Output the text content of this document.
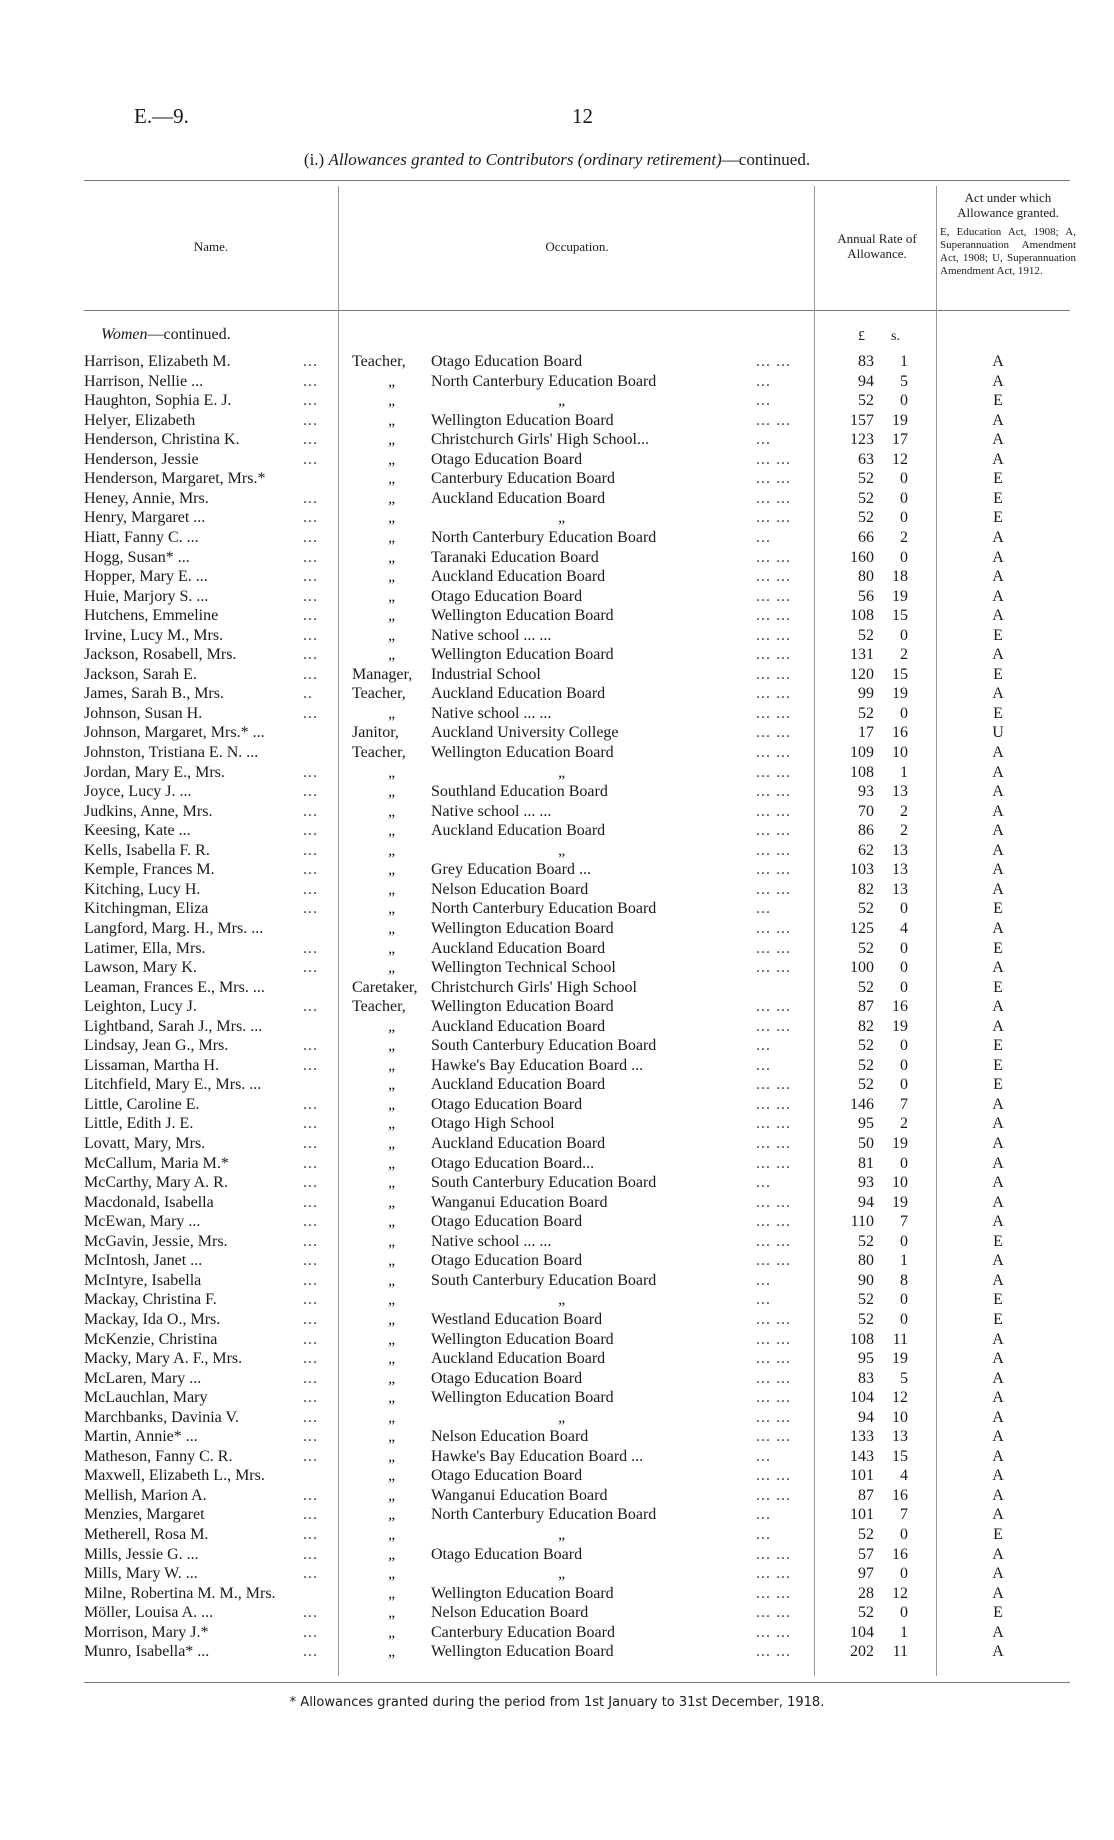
E.—9.	12
(i.) Allowances granted to Contributors (ordinary retirement)—continued.
Name.	Occupation.
Annual Rate of Allowance.
Act under which Allowance granted.
E, Education Act, 1908; A, Superannuation Amendment Act, 1908; U, Superannuation Amendment Act, 1912.
Women—continued.	£ s.
Harrison, Elizabeth M.	...	Teacher, Otago Education Board	... ...	83	1	A
Harrison, Nellie ...	...	„ North Canterbury Education Board	...	94	5	A
Haughton, Sophia E. J.	...	„	„	...	52	0	E
Helyer, Elizabeth	...	„ Wellington Education Board	... ...	157	19	A
Henderson, Christina K.	...	„ Christchurch Girls' High School...	...	123	17	A
Henderson, Jessie	...	„ Otago Education Board	... ...	63	12	A
Henderson, Margaret, Mrs.*	„ Canterbury Education Board	... ...	52	0	E
Heney, Annie, Mrs.	...	„ Auckland Education Board	... ...	52	0	E
Henry, Margaret ...	...	„	„	... ...	52	0	E
Hiatt, Fanny C. ...	...	„ North Canterbury Education Board	...	66	2	A
Hogg, Susan* ...	...	„ Taranaki Education Board	... ...	160	0	A
Hopper, Mary E. ...	...	„ Auckland Education Board	... ...	80	18	A
Huie, Marjory S. ...	...	„ Otago Education Board	... ...	56	19	A
Hutchens, Emmeline	...	„ Wellington Education Board	... ...	108	15	A
Irvine, Lucy M., Mrs.	...	„ Native school ... ...	... ...	52	0	E
Jackson, Rosabell, Mrs.	...	„ Wellington Education Board	... ...	131	2	A
Jackson, Sarah E.	...	Manager, Industrial School	... ...	120	15	E
James, Sarah B., Mrs.	..	Teacher, Auckland Education Board	... ...	99	19	A
Johnson, Susan H.	...	„ Native school ... ...	... ...	52	0	E
Johnson, Margaret, Mrs.* ...	Janitor, Auckland University College	... ...	17	16	U
Johnston, Tristiana E. N. ...	Teacher, Wellington Education Board	... ...	109	10	A
Jordan, Mary E., Mrs.	...	„	„	... ...	108	1	A
Joyce, Lucy J. ...	...	„ Southland Education Board	... ...	93	13	A
Judkins, Anne, Mrs.	...	„ Native school ... ...	... ...	70	2	A
Keesing, Kate ...	...	„ Auckland Education Board	... ...	86	2	A
Kells, Isabella F. R.	...	„	„	... ...	62	13	A
Kemple, Frances M.	...	„ Grey Education Board ...	... ...	103	13	A
Kitching, Lucy H.	...	„ Nelson Education Board	... ...	82	13	A
Kitchingman, Eliza	...	„ North Canterbury Education Board	...	52	0	E
Langford, Marg. H., Mrs. ...	„ Wellington Education Board	... ...	125	4	A
Latimer, Ella, Mrs.	...	„ Auckland Education Board	... ...	52	0	E
Lawson, Mary K.	...	„ Wellington Technical School	... ...	100	0	A
Leaman, Frances E., Mrs. ...	Caretaker, Christchurch Girls' High School	52	0	E
Leighton, Lucy J.	...	Teacher, Wellington Education Board	... ...	87	16	A
Lightband, Sarah J., Mrs. ...	„ Auckland Education Board	... ...	82	19	A
Lindsay, Jean G., Mrs.	...	„ South Canterbury Education Board	...	52	0	E
Lissaman, Martha H.	...	„ Hawke's Bay Education Board ...	...	52	0	E
Litchfield, Mary E., Mrs. ...	„ Auckland Education Board	... ...	52	0	E
Little, Caroline E.	...	„ Otago Education Board	... ...	146	7	A
Little, Edith J. E.	...	„ Otago High School	... ...	95	2	A
Lovatt, Mary, Mrs.	...	„ Auckland Education Board	... ...	50	19	A
McCallum, Maria M.*	...	„ Otago Education Board...	... ...	81	0	A
McCarthy, Mary A. R.	...	„ South Canterbury Education Board	...	93	10	A
Macdonald, Isabella	...	„ Wanganui Education Board	... ...	94	19	A
McEwan, Mary ...	...	„ Otago Education Board	... ...	110	7	A
McGavin, Jessie, Mrs.	...	„ Native school ... ...	... ...	52	0	E
McIntosh, Janet ...	...	„ Otago Education Board	... ...	80	1	A
McIntyre, Isabella	...	„ South Canterbury Education Board	...	90	8	A
Mackay, Christina F.	...	„	„	...	52	0	E
Mackay, Ida O., Mrs.	...	„ Westland Education Board	... ...	52	0	E
McKenzie, Christina	...	„ Wellington Education Board	... ...	108	11	A
Macky, Mary A. F., Mrs.	...	„ Auckland Education Board	... ...	95	19	A
McLaren, Mary ...	...	„ Otago Education Board	... ...	83	5	A
McLauchlan, Mary	...	„ Wellington Education Board	... ...	104	12	A
Marchbanks, Davinia V.	...	„	„	... ...	94	10	A
Martin, Annie* ...	...	„ Nelson Education Board	... ...	133	13	A
Matheson, Fanny C. R.	...	„ Hawke's Bay Education Board ...	...	143	15	A
Maxwell, Elizabeth L., Mrs.	„ Otago Education Board	... ...	101	4	A
Mellish, Marion A.	...	„ Wanganui Education Board	... ...	87	16	A
Menzies, Margaret	...	„ North Canterbury Education Board	...	101	7	A
Metherell, Rosa M.	...	„	„	...	52	0	E
Mills, Jessie G. ...	...	„ Otago Education Board	... ...	57	16	A
Mills, Mary W. ...	...	„	„	... ...	97	0	A
Milne, Robertina M. M., Mrs.	„ Wellington Education Board	... ...	28	12	A
Möller, Louisa A. ...	...	„ Nelson Education Board	... ...	52	0	E
Morrison, Mary J.*	...	„ Canterbury Education Board	... ...	104	1	A
Munro, Isabella* ...	...	„ Wellington Education Board	... ...	202	11	A
* Allowances granted during the period from 1st January to 31st December, 1918.
